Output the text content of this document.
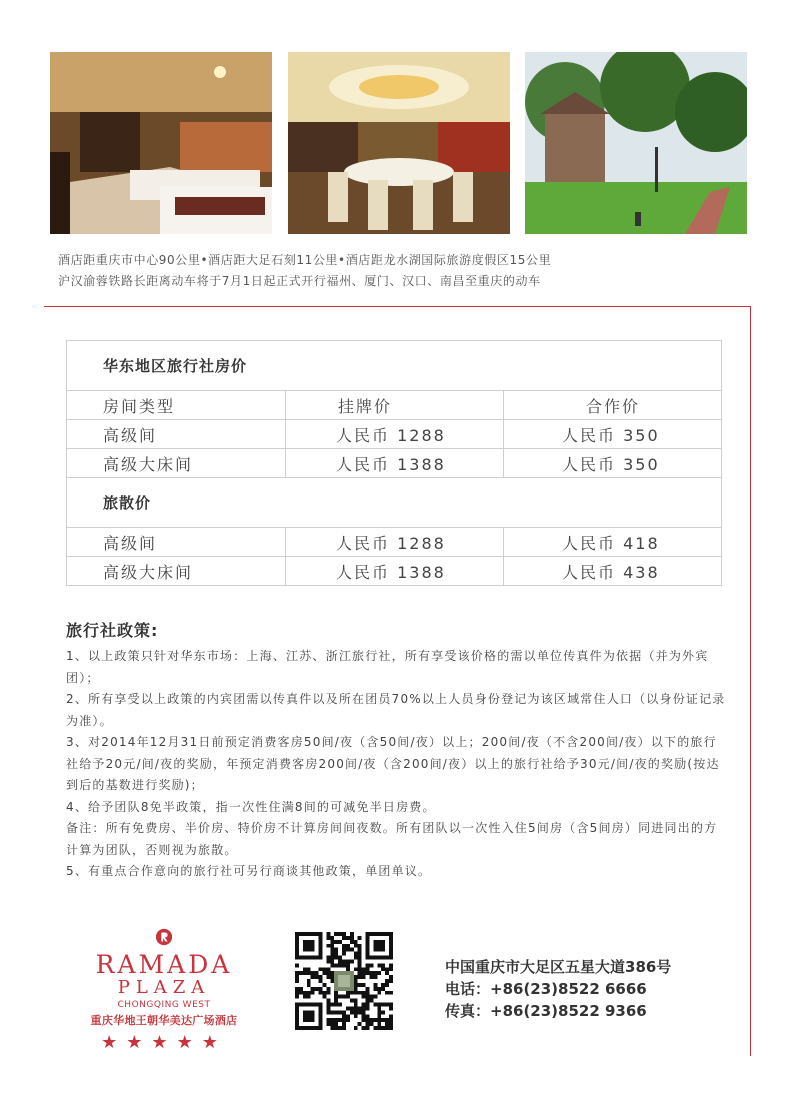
酒店距重庆市中心90公里•酒店距大足石刻11公里•酒店距龙水湖国际旅游度假区15公里
沪汉渝蓉铁路长距离动车将于7月1日起正式开行福州、厦门、汉口、南昌至重庆的动车
华东地区旅行社房价
房间类型	挂牌价	合作价
高级间	人民币 1288	人民币 350
高级大床间	人民币 1388	人民币 350
旅散价
高级间	人民币 1288	人民币 418
高级大床间	人民币 1388	人民币 438
旅行社政策:

1、以上政策只针对华东市场：上海、江苏、浙江旅行社，所有享受该价格的需以单位传真件为依据（并为外宾团）；

2、所有享受以上政策的内宾团需以传真件以及所在团员70%以上人员身份登记为该区域常住人口（以身份证记录为准）。

3、对2014年12月31日前预定消费客房50间/夜（含50间/夜）以上；200间/夜（不含200间/夜）以下的旅行社给予20元/间/夜的奖励，年预定消费客房200间/夜（含200间/夜）以上的旅行社给予30元/间/夜的奖励(按达到后的基数进行奖励)；

4、给予团队8免半政策，指一次性住满8间的可减免半日房费。

备注：所有免费房、半价房、特价房不计算房间间夜数。所有团队以一次性入住5间房（含5间房）同进同出的方计算为团队，否则视为旅散。

5、有重点合作意向的旅行社可另行商谈其他政策，单团单议。

RAMADA
PLAZA
CHONGQING WEST
重庆华地王朝华美达广场酒店
★★★★★
中国重庆市大足区五星大道386号
电话：+86(23)8522 6666
传真：+86(23)8522 9366
